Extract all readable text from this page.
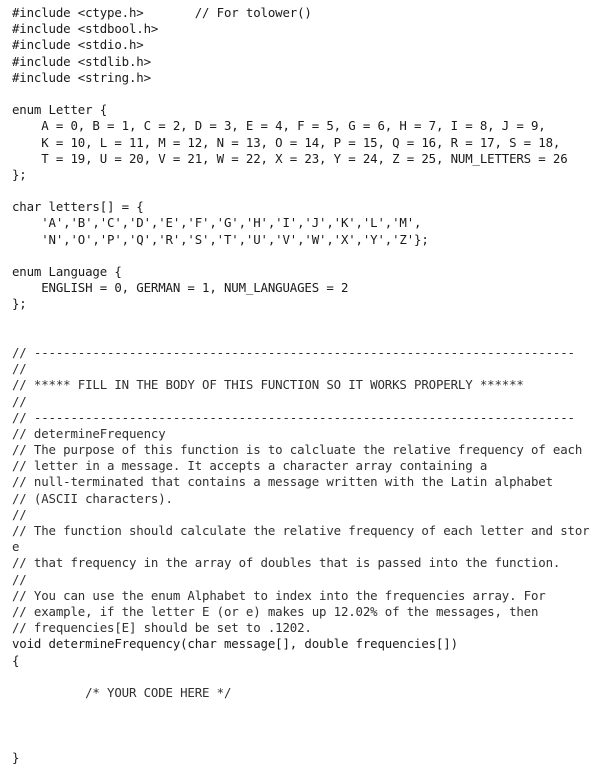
#include <ctype.h>       // For tolower()
#include <stdbool.h>
#include <stdio.h>
#include <stdlib.h>
#include <string.h>
enum Letter {
A = 0, B = 1, C = 2, D = 3, E = 4, F = 5, G = 6, H = 7, I = 8, J = 9,
K = 10, L = 11, M = 12, N = 13, O = 14, P = 15, Q = 16, R = 17, S = 18,
T = 19, U = 20, V = 21, W = 22, X = 23, Y = 24, Z = 25, NUM_LETTERS = 26
};
char letters[] = {
'A','B','C','D','E','F','G','H','I','J','K','L','M',
'N','O','P','Q','R','S','T','U','V','W','X','Y','Z'};
enum Language {
ENGLISH = 0, GERMAN = 1, NUM_LANGUAGES = 2
};
// --------------------------------------------------------------------------
//
// ***** FILL IN THE BODY OF THIS FUNCTION SO IT WORKS PROPERLY ******
//
// --------------------------------------------------------------------------
// determineFrequency
// The purpose of this function is to calcluate the relative frequency of each
// letter in a message. It accepts a character array containing a
// null-terminated that contains a message written with the Latin alphabet
// (ASCII characters).
//
// The function should calculate the relative frequency of each letter and stor
e
// that frequency in the array of doubles that is passed into the function.
//
// You can use the enum Alphabet to index into the frequencies array. For
// example, if the letter E (or e) makes up 12.02% of the messages, then
// frequencies[E] should be set to .1202.
void determineFrequency(char message[], double frequencies[])
{
/* YOUR CODE HERE */
}
